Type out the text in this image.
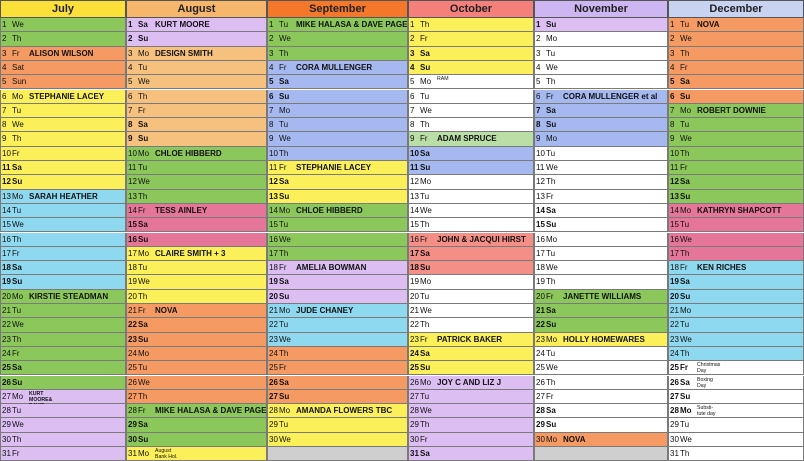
July
1 We
2 Th
3 Fr ALISON WILSON
4 Sat
5 Sun
6 Mo STEPHANIE LACEY
7 Tu
8 We
9 Th
10 Fr
11 Sa
12 Su
13 Mo SARAH HEATHER
14 Tu
15 We
16 Th
17 Fr
18 Sa
19 Su
20 Mo KIRSTIE STEADMAN
21 Tu
22 We
23 Th
24 Fr
25 Sa
26 Su
27 Mo KURT MOORE&
28 Tu
29 We
30 Th
31 Fr
August
1 Sa KURT MOORE
2 Su
3 Mo DESIGN SMITH
4 Tu
5 We
6 Th
7 Fr
8 Sa
9 Su
10 Mo CHLOE HIBBERD
11 Tu
12 We
13 Th
14 Fr TESS AINLEY
15 Sa
16 Su
17 Mo CLAIRE SMITH + 3
18 Tu
19 We
20 Th
21 Fr NOVA
22 Sa
23 Su
24 Mo
25 Tu
26 We
27 Th
28 Fr MIKE HALASA & DAVE PAGE
29 Sa
30 Su
31 Mo August Bank Hol.
September
1 Tu MIKE HALASA & DAVE PAGE
2 We
3 Th
4 Fr CORA MULLENGER
5 Sa
6 Su
7 Mo
8 Tu
9 We
10 Th
11 Fr STEPHANIE LACEY
12 Sa
13 Su
14 Mo CHLOE HIBBERD
15 Tu
16 We
17 Th
18 Fr AMELIA BOWMAN
19 Sa
20 Su
21 Mo JUDE CHANEY
22 Tu
23 We
24 Th
25 Fr
26 Sa
27 Su
28 Mo AMANDA FLOWERS TBC
29 Tu
30 We
October
1 Th
2 Fr
3 Sa
4 Su
5 Mo RAM
6 Tu
7 We
8 Th
9 Fr ADAM SPRUCE
10 Sa
11 Su
12 Mo
13 Tu
14 We
15 Th
16 Fr JOHN & JACQUI HIRST
17 Sa
18 Su
19 Mo
20 Tu
21 We
22 Th
23 Fr PATRICK BAKER
24 Sa
25 Su
26 Mo JOY C AND LIZ J
27 Tu
28 We
29 Th
30 Fr
31 Sa
November
1 Su
2 Mo
3 Tu
4 We
5 Th
6 Fr CORA MULLENGER et al
7 Sa
8 Su
9 Mo
10 Tu
11 We
12 Th
13 Fr
14 Sa
15 Su
16 Mo
17 Tu
18 We
19 Th
20 Fr JANETTE WILLIAMS
21 Sa
22 Su
23 Mo HOLLY HOMEWARES
24 Tu
25 We
26 Th
27 Fr
28 Sa
29 Su
30 Mo NOVA
December
1 Tu NOVA
2 We
3 Th
4 Fr
5 Sa
6 Su
7 Mo ROBERT DOWNIE
8 Tu
9 We
10 Th
11 Fr
12 Sa
13 Su
14 Mo KATHRYN SHAPCOTT
15 Tu
16 We
17 Th
18 Fr KEN RICHES
19 Sa
20 Su
21 Mo
22 Tu
23 We
24 Th
25 Fr Christmas Day
26 Sa Boxing Day
27 Su
28 Mo Substi- tute day
29 Tu
30 We
31 Th
